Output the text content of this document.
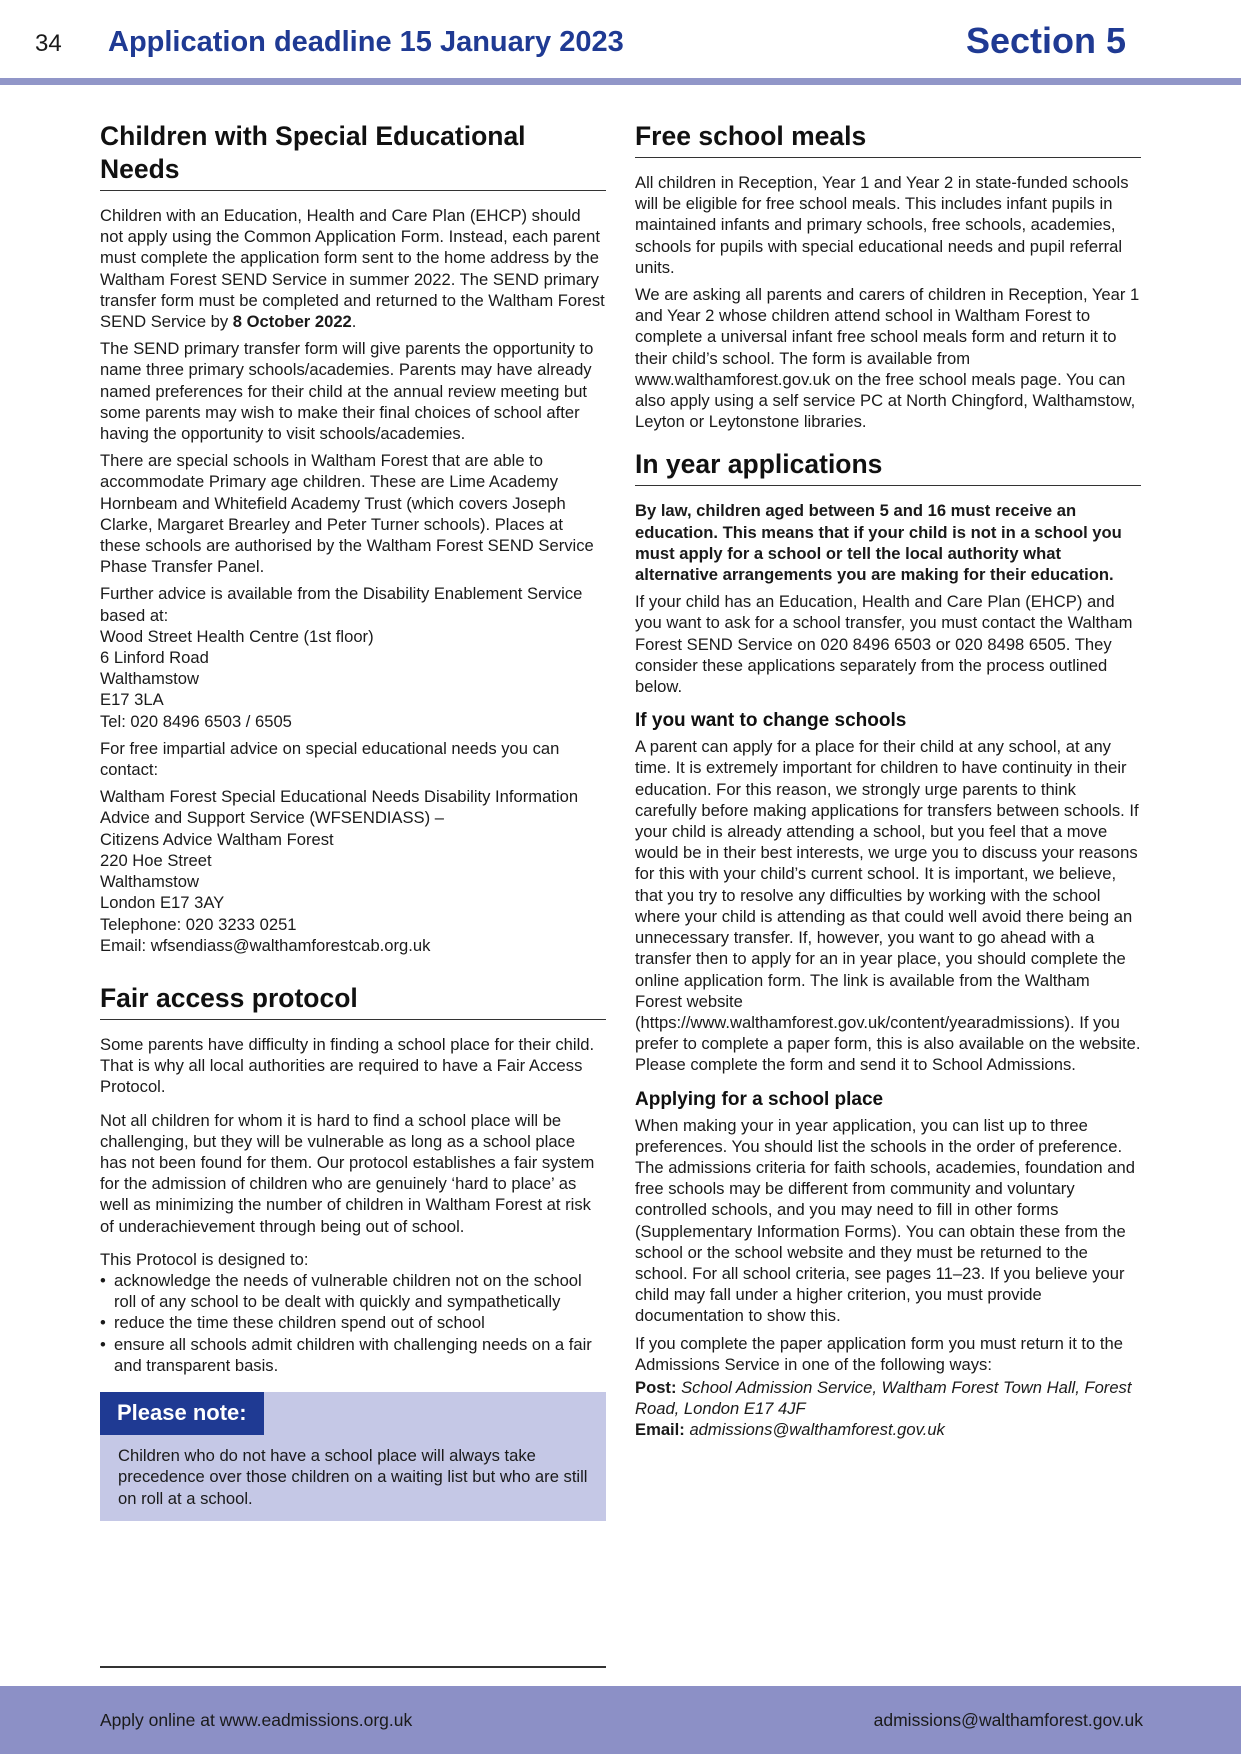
34 Application deadline 15 January 2023	Section 5
Children with Special Educational Needs

Children with an Education, Health and Care Plan (EHCP) should not apply using the Common Application Form. Instead, each parent must complete the application form sent to the home address by the Waltham Forest SEND Service in summer 2022. The SEND primary transfer form must be completed and returned to the Waltham Forest SEND Service by 8 October 2022.

The SEND primary transfer form will give parents the opportunity to name three primary schools/academies. Parents may have already named preferences for their child at the annual review meeting but some parents may wish to make their final choices of school after having the opportunity to visit schools/academies.

There are special schools in Waltham Forest that are able to accommodate Primary age children. These are Lime Academy Hornbeam and Whitefield Academy Trust (which covers Joseph Clarke, Margaret Brearley and Peter Turner schools). Places at these schools are authorised by the Waltham Forest SEND Service Phase Transfer Panel.

Further advice is available from the Disability Enablement Service based at:
Wood Street Health Centre (1st floor)
6 Linford Road
Walthamstow
E17 3LA
Tel: 020 8496 6503 / 6505

For free impartial advice on special educational needs you can contact:

Waltham Forest Special Educational Needs Disability Information Advice and Support Service (WFSENDIASS) –
Citizens Advice Waltham Forest
220 Hoe Street
Walthamstow
London E17 3AY
Telephone: 020 3233 0251
Email: wfsendiass@walthamforestcab.org.uk
Fair access protocol

Some parents have difficulty in finding a school place for their child. That is why all local authorities are required to have a Fair Access Protocol.

Not all children for whom it is hard to find a school place will be challenging, but they will be vulnerable as long as a school place has not been found for them. Our protocol establishes a fair system for the admission of children who are genuinely ‘hard to place’ as well as minimizing the number of children in Waltham Forest at risk of underachievement through being out of school.

This Protocol is designed to:

• acknowledge the needs of vulnerable children not on the school roll of any school to be dealt with quickly and sympathetically
• reduce the time these children spend out of school
• ensure all schools admit children with challenging needs on a fair and transparent basis.
Please note:
Children who do not have a school place will always take precedence over those children on a waiting list but who are still on roll at a school.
Free school meals

All children in Reception, Year 1 and Year 2 in state-funded schools will be eligible for free school meals. This includes infant pupils in maintained infants and primary schools, free schools, academies, schools for pupils with special educational needs and pupil referral units.

We are asking all parents and carers of children in Reception, Year 1 and Year 2 whose children attend school in Waltham Forest to complete a universal infant free school meals form and return it to their child’s school. The form is available from www.walthamforest.gov.uk on the free school meals page. You can also apply using a self service PC at North Chingford, Walthamstow, Leyton or Leytonstone libraries.

In year applications

By law, children aged between 5 and 16 must receive an education. This means that if your child is not in a school you must apply for a school or tell the local authority what alternative arrangements you are making for their education.

If your child has an Education, Health and Care Plan (EHCP) and you want to ask for a school transfer, you must contact the Waltham Forest SEND Service on 020 8496 6503 or 020 8498 6505. They consider these applications separately from the process outlined below.

If you want to change schools

A parent can apply for a place for their child at any school, at any time. It is extremely important for children to have continuity in their education. For this reason, we strongly urge parents to think carefully before making applications for transfers between schools. If your child is already attending a school, but you feel that a move would be in their best interests, we urge you to discuss your reasons for this with your child’s current school. It is important, we believe, that you try to resolve any difficulties by working with the school where your child is attending as that could well avoid there being an unnecessary transfer. If, however, you want to go ahead with a transfer then to apply for an in year place, you should complete the online application form. The link is available from the Waltham Forest website (https://www.walthamforest.gov.uk/content/yearadmissions). If you prefer to complete a paper form, this is also available on the website. Please complete the form and send it to School Admissions.

Applying for a school place

When making your in year application, you can list up to three preferences. You should list the schools in the order of preference. The admissions criteria for faith schools, academies, foundation and free schools may be different from community and voluntary controlled schools, and you may need to fill in other forms (Supplementary Information Forms). You can obtain these from the school or the school website and they must be returned to the school. For all school criteria, see pages 11–23. If you believe your child may fall under a higher criterion, you must provide documentation to show this.

If you complete the paper application form you must return it to the Admissions Service in one of the following ways:

Post: School Admission Service, Waltham Forest Town Hall, Forest Road, London E17 4JF
Email: admissions@walthamforest.gov.uk
Apply online at www.eadmissions.org.uk	admissions@walthamforest.gov.uk
